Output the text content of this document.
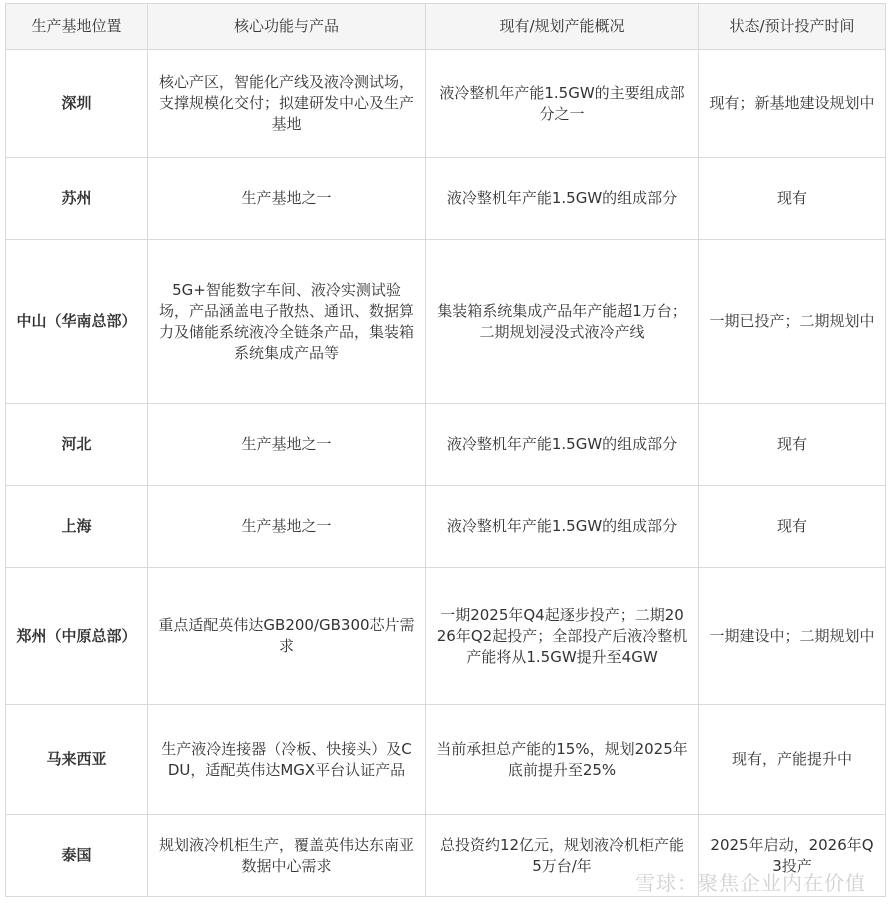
生产基地位置	核心功能与产品	现有/规划产能概况	状态/预计投产时间
深圳	核心产区，智能化产线及液冷测试场，支撑规模化交付；拟建研发中心及生产基地	液冷整机年产能1.5GW的主要组成部分之一	现有；新基地建设规划中
苏州	生产基地之一	液冷整机年产能1.5GW的组成部分	现有
中山（华南总部）	5G+智能数字车间、液冷实测试验场，产品涵盖电子散热、通讯、数据算力及储能系统液冷全链条产品，集装箱系统集成产品等	集装箱系统集成产品年产能超1万台；二期规划浸没式液冷产线	一期已投产；二期规划中
河北	生产基地之一	液冷整机年产能1.5GW的组成部分	现有
上海	生产基地之一	液冷整机年产能1.5GW的组成部分	现有
郑州（中原总部）	重点适配英伟达GB200/GB300芯片需求	一期2025年Q4起逐步投产；二期2026年Q2起投产；全部投产后液冷整机产能将从1.5GW提升至4GW	一期建设中；二期规划中
马来西亚	生产液冷连接器（冷板、快接头）及CDU，适配英伟达MGX平台认证产品	当前承担总产能的15%，规划2025年底前提升至25%	现有，产能提升中
泰国	规划液冷机柜生产，覆盖英伟达东南亚数据中心需求	总投资约12亿元，规划液冷机柜产能5万台/年	2025年启动，2026年Q3投产
雪球：聚焦企业内在价值
